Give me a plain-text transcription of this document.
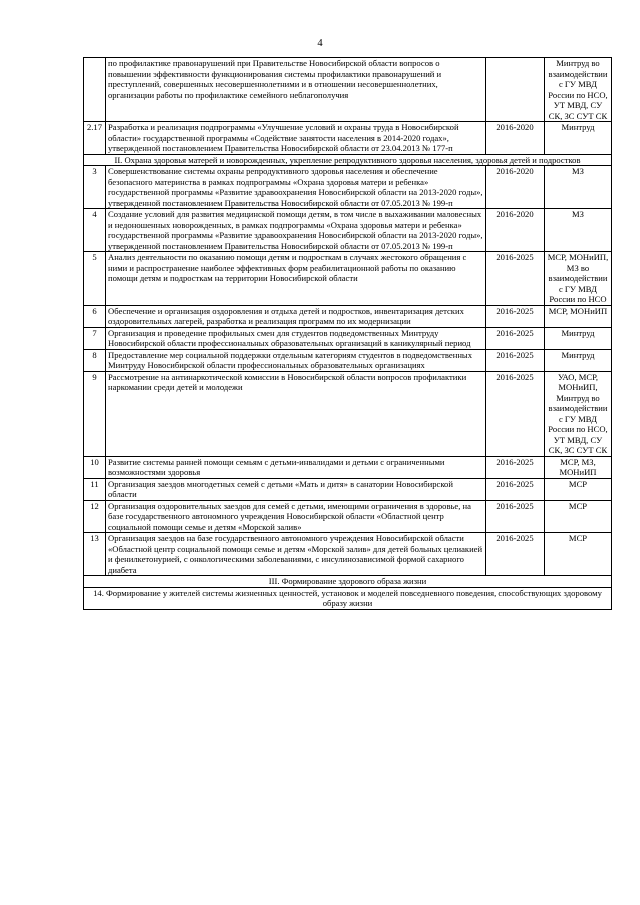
4
	по профилактике правонарушений при Правительстве Новосибирской области вопросов о повышении эффективности функционирования системы профилактики правонарушений и преступлений, совершенных несовершеннолетними и в отношении несовершеннолетних, организации работы по профилактике семейного неблагополучия		Минтруд во взаимодействии с ГУ МВД России по НСО, УТ МВД, СУ СК, ЗС СУТ СК
2.17	Разработка и реализация подпрограммы «Улучшение условий и охраны труда в Новосибирской области» государственной программы «Содействие занятости населения в 2014-2020 годах», утвержденной постановлением Правительства Новосибирской области от 23.04.2013 № 177-п	2016-2020	Минтруд
II. Охрана здоровья матерей и новорожденных, укрепление репродуктивного здоровья населения, здоровья детей и подростков			
3	Совершенствование системы охраны репродуктивного здоровья населения и обеспечение безопасного материнства в рамках подпрограммы «Охрана здоровья матери и ребенка» государственной программы «Развитие здравоохранения Новосибирской области на 2013-2020 годы», утвержденной постановлением Правительства Новосибирской области от 07.05.2013 № 199-п	2016-2020	МЗ
4	Создание условий для развития медицинской помощи детям, в том числе в выхаживании маловесных и недоношенных новорожденных, в рамках подпрограммы «Охрана здоровья матери и ребенка» государственной программы «Развитие здравоохранения Новосибирской области на 2013-2020 годы», утвержденной постановлением Правительства Новосибирской области от 07.05.2013 № 199-п	2016-2020	МЗ
5	Анализ деятельности по оказанию помощи детям и подросткам в случаях жестокого обращения с ними и распространение наиболее эффективных форм реабилитационной работы по оказанию помощи детям и подросткам на территории Новосибирской области	2016-2025	МСР, МОНиИП, МЗ во взаимодействии с ГУ МВД России по НСО
6	Обеспечение и организация оздоровления и отдыха детей и подростков, инвентаризация детских оздоровительных лагерей, разработка и реализация программ по их модернизации	2016-2025	МСР, МОНиИП
7	Организация и проведение профильных смен для студентов подведомственных Минтруду Новосибирской области профессиональных образовательных организаций в каникулярный период	2016-2025	Минтруд
8	Предоставление мер социальной поддержки отдельным категориям студентов в подведомственных Минтруду Новосибирской области профессиональных образовательных организациях	2016-2025	Минтруд
9	Рассмотрение на антинаркотической комиссии в Новосибирской области вопросов профилактики наркомании среди детей и молодежи	2016-2025	УАО, МСР, МОНиИП, Минтруд во взаимодействии с ГУ МВД России по НСО, УТ МВД, СУ СК, ЗС СУТ СК
10	Развитие системы ранней помощи семьям с детьми-инвалидами и детьми с ограниченными возможностями здоровья	2016-2025	МСР, МЗ, МОНиИП
11	Организация заездов многодетных семей с детьми «Мать и дитя» в санатории Новосибирской области	2016-2025	МСР
12	Организация оздоровительных заездов для семей с детьми, имеющими ограничения в здоровье, на базе государственного автономного учреждения Новосибирской области «Областной центр социальной помощи семье и детям «Морской залив»	2016-2025	МСР
13	Организация заездов на базе государственного автономного учреждения Новосибирской области «Областной центр социальной помощи семье и детям «Морской залив» для детей больных целиакией и фенилкетонурией, с онкологическими заболеваниями, с инсулинозависимой формой сахарного диабета	2016-2025	МСР
III. Формирование здорового образа жизни			
14. Формирование у жителей системы жизненных ценностей, установок и моделей повседневного поведения, способствующих здоровому образу жизни			
